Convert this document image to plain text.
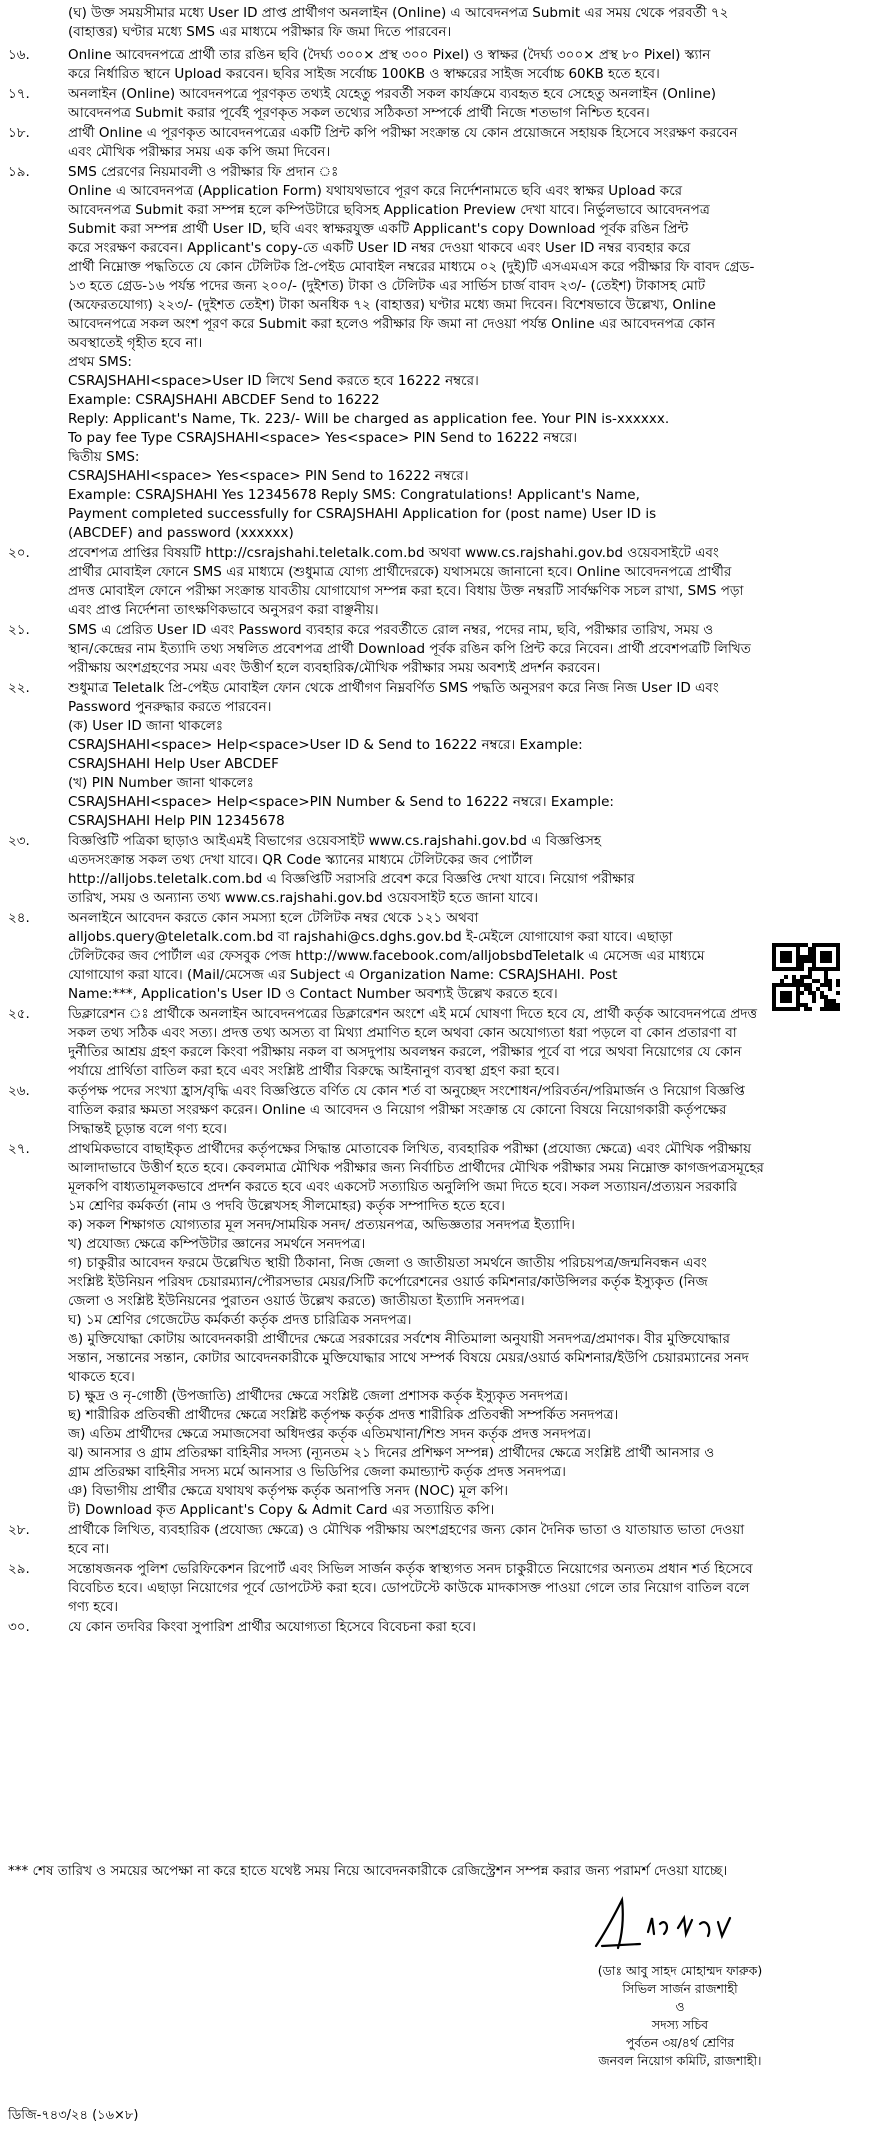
(ঘ) উক্ত সময়সীমার মধ্যে User ID প্রাপ্ত প্রার্থীগণ অনলাইন (Online) এ আবেদনপত্র Submit এর সময় থেকে পরবর্তী ৭২
(বাহাত্তর) ঘণ্টার মধ্যে SMS এর মাধ্যমে পরীক্ষার ফি জমা দিতে পারবেন।
১৬.	Online আবেদনপত্রে প্রার্থী তার রঙিন ছবি (দৈর্ঘ্য ৩০০× প্রস্থ ৩০০ Pixel) ও স্বাক্ষর (দৈর্ঘ্য ৩০০× প্রস্থ ৮০ Pixel) স্ক্যান
করে নির্ধারিত স্থানে Upload করবেন। ছবির সাইজ সর্বোচ্চ 100KB ও স্বাক্ষরের সাইজ সর্বোচ্চ 60KB হতে হবে।
১৭.	অনলাইন (Online) আবেদনপত্রে পূরণকৃত তথ্যই যেহেতু পরবর্তী সকল কার্যক্রমে ব্যবহৃত হবে সেহেতু অনলাইন (Online)
আবেদনপত্র Submit করার পূর্বেই পূরণকৃত সকল তথ্যের সঠিকতা সম্পর্কে প্রার্থী নিজে শতভাগ নিশ্চিত হবেন।
১৮.	প্রার্থী Online এ পূরণকৃত আবেদনপত্রের একটি প্রিন্ট কপি পরীক্ষা সংক্রান্ত যে কোন প্রয়োজনে সহায়ক হিসেবে সংরক্ষণ করবেন
এবং মৌখিক পরীক্ষার সময় এক কপি জমা দিবেন।
১৯.	SMS প্রেরণের নিয়মাবলী ও পরীক্ষার ফি প্রদান ঃ
Online এ আবেদনপত্র (Application Form) যথাযথভাবে পূরণ করে নির্দেশনামতে ছবি এবং স্বাক্ষর Upload করে
আবেদনপত্র Submit করা সম্পন্ন হলে কম্পিউটারে ছবিসহ Application Preview দেখা যাবে। নির্ভুলভাবে আবেদনপত্র
Submit করা সম্পন্ন প্রার্থী User ID, ছবি এবং স্বাক্ষরযুক্ত একটি Applicant's copy Download পূর্বক রঙিন প্রিন্ট
করে সংরক্ষণ করবেন। Applicant's copy-তে একটি User ID নম্বর দেওয়া থাকবে এবং User ID নম্বর ব্যবহার করে
প্রার্থী নিম্নোক্ত পদ্ধতিতে যে কোন টেলিটক প্রি-পেইড মোবাইল নম্বরের মাধ্যমে ০২ (দুই)টি এসএমএস করে পরীক্ষার ফি বাবদ গ্রেড-
১৩ হতে গ্রেড-১৬ পর্যন্ত পদের জন্য ২০০/- (দুইশত) টাকা ও টেলিটক এর সার্ভিস চার্জ বাবদ ২৩/- (তেইশ) টাকাসহ মোট
(অফেরতযোগ্য) ২২৩/- (দুইশত তেইশ) টাকা অনধিক ৭২ (বাহাত্তর) ঘণ্টার মধ্যে জমা দিবেন। বিশেষভাবে উল্লেখ্য, Online
আবেদনপত্রে সকল অংশ পূরণ করে Submit করা হলেও পরীক্ষার ফি জমা না দেওয়া পর্যন্ত Online এর আবেদনপত্র কোন
অবস্থাতেই গৃহীত হবে না।
প্রথম SMS:
CSRAJSHAHI<space>User ID লিখে Send করতে হবে 16222 নম্বরে।
Example: CSRAJSHAHI ABCDEF Send to 16222
Reply: Applicant's Name, Tk. 223/- Will be charged as application fee. Your PIN is-xxxxxx.
To pay fee Type CSRAJSHAHI<space> Yes<space> PIN Send to 16222 নম্বরে।
দ্বিতীয় SMS:
CSRAJSHAHI<space> Yes<space> PIN Send to 16222 নম্বরে।
Example: CSRAJSHAHI Yes 12345678 Reply SMS: Congratulations! Applicant's Name,
Payment completed successfully for CSRAJSHAHI Application for (post name) User ID is
(ABCDEF) and password (xxxxxx)
২০.	প্রবেশপত্র প্রাপ্তির বিষয়টি http://csrajshahi.teletalk.com.bd অথবা www.cs.rajshahi.gov.bd ওয়েবসাইটে এবং
প্রার্থীর মোবাইল ফোনে SMS এর মাধ্যমে (শুধুমাত্র যোগ্য প্রার্থীদেরকে) যথাসময়ে জানানো হবে। Online আবেদনপত্রে প্রার্থীর
প্রদত্ত মোবাইল ফোনে পরীক্ষা সংক্রান্ত যাবতীয় যোগাযোগ সম্পন্ন করা হবে। বিধায় উক্ত নম্বরটি সার্বক্ষণিক সচল রাখা, SMS পড়া
এবং প্রাপ্ত নির্দেশনা তাৎক্ষণিকভাবে অনুসরণ করা বাঞ্ছনীয়।
২১.	SMS এ প্রেরিত User ID এবং Password ব্যবহার করে পরবর্তীতে রোল নম্বর, পদের নাম, ছবি, পরীক্ষার তারিখ, সময় ও
স্থান/কেন্দ্রের নাম ইত্যাদি তথ্য সম্বলিত প্রবেশপত্র প্রার্থী Download পূর্বক রঙিন কপি প্রিন্ট করে নিবেন। প্রার্থী প্রবেশপত্রটি লিখিত
পরীক্ষায় অংশগ্রহণের সময় এবং উত্তীর্ণ হলে ব্যবহারিক/মৌখিক পরীক্ষার সময় অবশ্যই প্রদর্শন করবেন।
২২.	শুধুমাত্র Teletalk প্রি-পেইড মোবাইল ফোন থেকে প্রার্থীগণ নিম্নবর্ণিত SMS পদ্ধতি অনুসরণ করে নিজ নিজ User ID এবং
Password পুনরুদ্ধার করতে পারবেন।
(ক) User ID জানা থাকলেঃ
CSRAJSHAHI<space> Help<space>User ID & Send to 16222 নম্বরে। Example:
CSRAJSHAHI Help User ABCDEF
(খ) PIN Number জানা থাকলেঃ
CSRAJSHAHI<space> Help<space>PIN Number & Send to 16222 নম্বরে। Example:
CSRAJSHAHI Help PIN 12345678
২৩.	বিজ্ঞপ্তিটি পত্রিকা ছাড়াও আইএমই বিভাগের ওয়েবসাইট www.cs.rajshahi.gov.bd এ বিজ্ঞপ্তিসহ
এতদসংক্রান্ত সকল তথ্য দেখা যাবে। QR Code স্ক্যানের মাধ্যমে টেলিটকের জব পোর্টাল
http://alljobs.teletalk.com.bd এ বিজ্ঞপ্তিটি সরাসরি প্রবেশ করে বিজ্ঞপ্তি দেখা যাবে। নিয়োগ পরীক্ষার
তারিখ, সময় ও অন্যান্য তথ্য www.cs.rajshahi.gov.bd ওয়েবসাইট হতে জানা যাবে।
২৪.	অনলাইনে আবেদন করতে কোন সমস্যা হলে টেলিটক নম্বর থেকে ১২১ অথবা
alljobs.query@teletalk.com.bd বা rajshahi@cs.dghs.gov.bd ই-মেইলে যোগাযোগ করা যাবে। এছাড়া
টেলিটকের জব পোর্টাল এর ফেসবুক পেজ http://www.facebook.com/alljobsbdTeletalk এ মেসেজ এর মাধ্যমে
যোগাযোগ করা যাবে। (Mail/মেসেজ এর Subject এ Organization Name: CSRAJSHAHI. Post
Name:***, Application's User ID ও Contact Number অবশ্যই উল্লেখ করতে হবে।
২৫.	ডিক্লারেশন ঃ প্রার্থীকে অনলাইন আবেদনপত্রের ডিক্লারেশন অংশে এই মর্মে ঘোষণা দিতে হবে যে, প্রার্থী কর্তৃক আবেদনপত্রে প্রদত্ত
সকল তথ্য সঠিক এবং সত্য। প্রদত্ত তথ্য অসত্য বা মিথ্যা প্রমাণিত হলে অথবা কোন অযোগ্যতা ধরা পড়লে বা কোন প্রতারণা বা
দুর্নীতির আশ্রয় গ্রহণ করলে কিংবা পরীক্ষায় নকল বা অসদুপায় অবলম্বন করলে, পরীক্ষার পূর্বে বা পরে অথবা নিয়োগের যে কোন
পর্যায়ে প্রার্থিতা বাতিল করা হবে এবং সংশ্লিষ্ট প্রার্থীর বিরুদ্ধে আইনানুগ ব্যবস্থা গ্রহণ করা হবে।
২৬.	কর্তৃপক্ষ পদের সংখ্যা হ্রাস/বৃদ্ধি এবং বিজ্ঞপ্তিতে বর্ণিত যে কোন শর্ত বা অনুচ্ছেদ সংশোধন/পরিবর্তন/পরিমার্জন ও নিয়োগ বিজ্ঞপ্তি
বাতিল করার ক্ষমতা সংরক্ষণ করেন। Online এ আবেদন ও নিয়োগ পরীক্ষা সংক্রান্ত যে কোনো বিষয়ে নিয়োগকারী কর্তৃপক্ষের
সিদ্ধান্তই চূড়ান্ত বলে গণ্য হবে।
২৭.	প্রাথমিকভাবে বাছাইকৃত প্রার্থীদের কর্তৃপক্ষের সিদ্ধান্ত মোতাবেক লিখিত, ব্যবহারিক পরীক্ষা (প্রযোজ্য ক্ষেত্রে) এবং মৌখিক পরীক্ষায়
আলাদাভাবে উত্তীর্ণ হতে হবে। কেবলমাত্র মৌখিক পরীক্ষার জন্য নির্বাচিত প্রার্থীদের মৌখিক পরীক্ষার সময় নিম্নোক্ত কাগজপত্রসমূহের
মূলকপি বাধ্যতামূলকভাবে প্রদর্শন করতে হবে এবং একসেট সত্যায়িত অনুলিপি জমা দিতে হবে। সকল সত্যায়ন/প্রত্যয়ন সরকারি
১ম শ্রেণির কর্মকর্তা (নাম ও পদবি উল্লেখসহ সীলমোহর) কর্তৃক সম্পাদিত হতে হবে।
ক) সকল শিক্ষাগত যোগ্যতার মূল সনদ/সাময়িক সনদ/ প্রত্যয়নপত্র, অভিজ্ঞতার সনদপত্র ইত্যাদি।
খ) প্রযোজ্য ক্ষেত্রে কম্পিউটার জ্ঞানের সমর্থনে সনদপত্র।
গ) চাকুরীর আবেদন ফরমে উল্লেখিত স্থায়ী ঠিকানা, নিজ জেলা ও জাতীয়তা সমর্থনে জাতীয় পরিচয়পত্র/জন্মনিবন্ধন এবং
সংশ্লিষ্ট ইউনিয়ন পরিষদ চেয়ারম্যান/পৌরসভার মেয়র/সিটি কর্পোরেশনের ওয়ার্ড কমিশনার/কাউন্সিলর কর্তৃক ইস্যুকৃত (নিজ
জেলা ও সংশ্লিষ্ট ইউনিয়নের পুরাতন ওয়ার্ড উল্লেখ করতে) জাতীয়তা ইত্যাদি সনদপত্র।
ঘ) ১ম শ্রেণির গেজেটেড কর্মকর্তা কর্তৃক প্রদত্ত চারিত্রিক সনদপত্র।
ঙ) মুক্তিযোদ্ধা কোটায় আবেদনকারী প্রার্থীদের ক্ষেত্রে সরকারের সর্বশেষ নীতিমালা অনুযায়ী সনদপত্র/প্রমাণক। বীর মুক্তিযোদ্ধার
সন্তান, সন্তানের সন্তান, কোটার আবেদনকারীকে মুক্তিযোদ্ধার সাথে সম্পর্ক বিষয়ে মেয়র/ওয়ার্ড কমিশনার/ইউপি চেয়ারম্যানের সনদ
থাকতে হবে।
চ) ক্ষুদ্র ও নৃ-গোষ্ঠী (উপজাতি) প্রার্থীদের ক্ষেত্রে সংশ্লিষ্ট জেলা প্রশাসক কর্তৃক ইস্যুকৃত সনদপত্র।
ছ) শারীরিক প্রতিবন্ধী প্রার্থীদের ক্ষেত্রে সংশ্লিষ্ট কর্তৃপক্ষ কর্তৃক প্রদত্ত শারীরিক প্রতিবন্ধী সম্পর্কিত সনদপত্র।
জ) এতিম প্রার্থীদের ক্ষেত্রে সমাজসেবা অধিদপ্তর কর্তৃক এতিমখানা/শিশু সদন কর্তৃক প্রদত্ত সনদপত্র।
ঝ) আনসার ও গ্রাম প্রতিরক্ষা বাহিনীর সদস্য (ন্যূনতম ২১ দিনের প্রশিক্ষণ সম্পন্ন) প্রার্থীদের ক্ষেত্রে সংশ্লিষ্ট প্রার্থী আনসার ও
গ্রাম প্রতিরক্ষা বাহিনীর সদস্য মর্মে আনসার ও ভিডিপির জেলা কমান্ড্যান্ট কর্তৃক প্রদত্ত সনদপত্র।
ঞ) বিভাগীয় প্রার্থীর ক্ষেত্রে যথাযথ কর্তৃপক্ষ কর্তৃক অনাপত্তি সনদ (NOC) মূল কপি।
ট) Download কৃত Applicant's Copy & Admit Card এর সত্যায়িত কপি।
২৮.	প্রার্থীকে লিখিত, ব্যবহারিক (প্রযোজ্য ক্ষেত্রে) ও মৌখিক পরীক্ষায় অংশগ্রহণের জন্য কোন দৈনিক ভাতা ও যাতায়াত ভাতা দেওয়া
হবে না।
২৯.	সন্তোষজনক পুলিশ ভেরিফিকেশন রিপোর্ট এবং সিভিল সার্জন কর্তৃক স্বাস্থ্যগত সনদ চাকুরীতে নিয়োগের অন্যতম প্রধান শর্ত হিসেবে
বিবেচিত হবে। এছাড়া নিয়োগের পূর্বে ডোপটেস্ট করা হবে। ডোপটেস্টে কাউকে মাদকাসক্ত পাওয়া গেলে তার নিয়োগ বাতিল বলে
গণ্য হবে।
৩০.	যে কোন তদবির কিংবা সুপারিশ প্রার্থীর অযোগ্যতা হিসেবে বিবেচনা করা হবে।
*** শেষ তারিখ ও সময়ের অপেক্ষা না করে হাতে যথেষ্ট সময় নিয়ে আবেদনকারীকে রেজিস্ট্রেশন সম্পন্ন করার জন্য পরামর্শ দেওয়া যাচ্ছে।
(ডাঃ আবু সাহদ মোহাম্মদ ফারুক)
সিভিল সার্জন রাজশাহী
ও
সদস্য সচিব
পুর্বতন ৩য়/৪র্থ শ্রেণির
জনবল নিয়োগ কমিটি, রাজশাহী।
ডিজি-৭৪৩/২৪ (১৬×৮)
